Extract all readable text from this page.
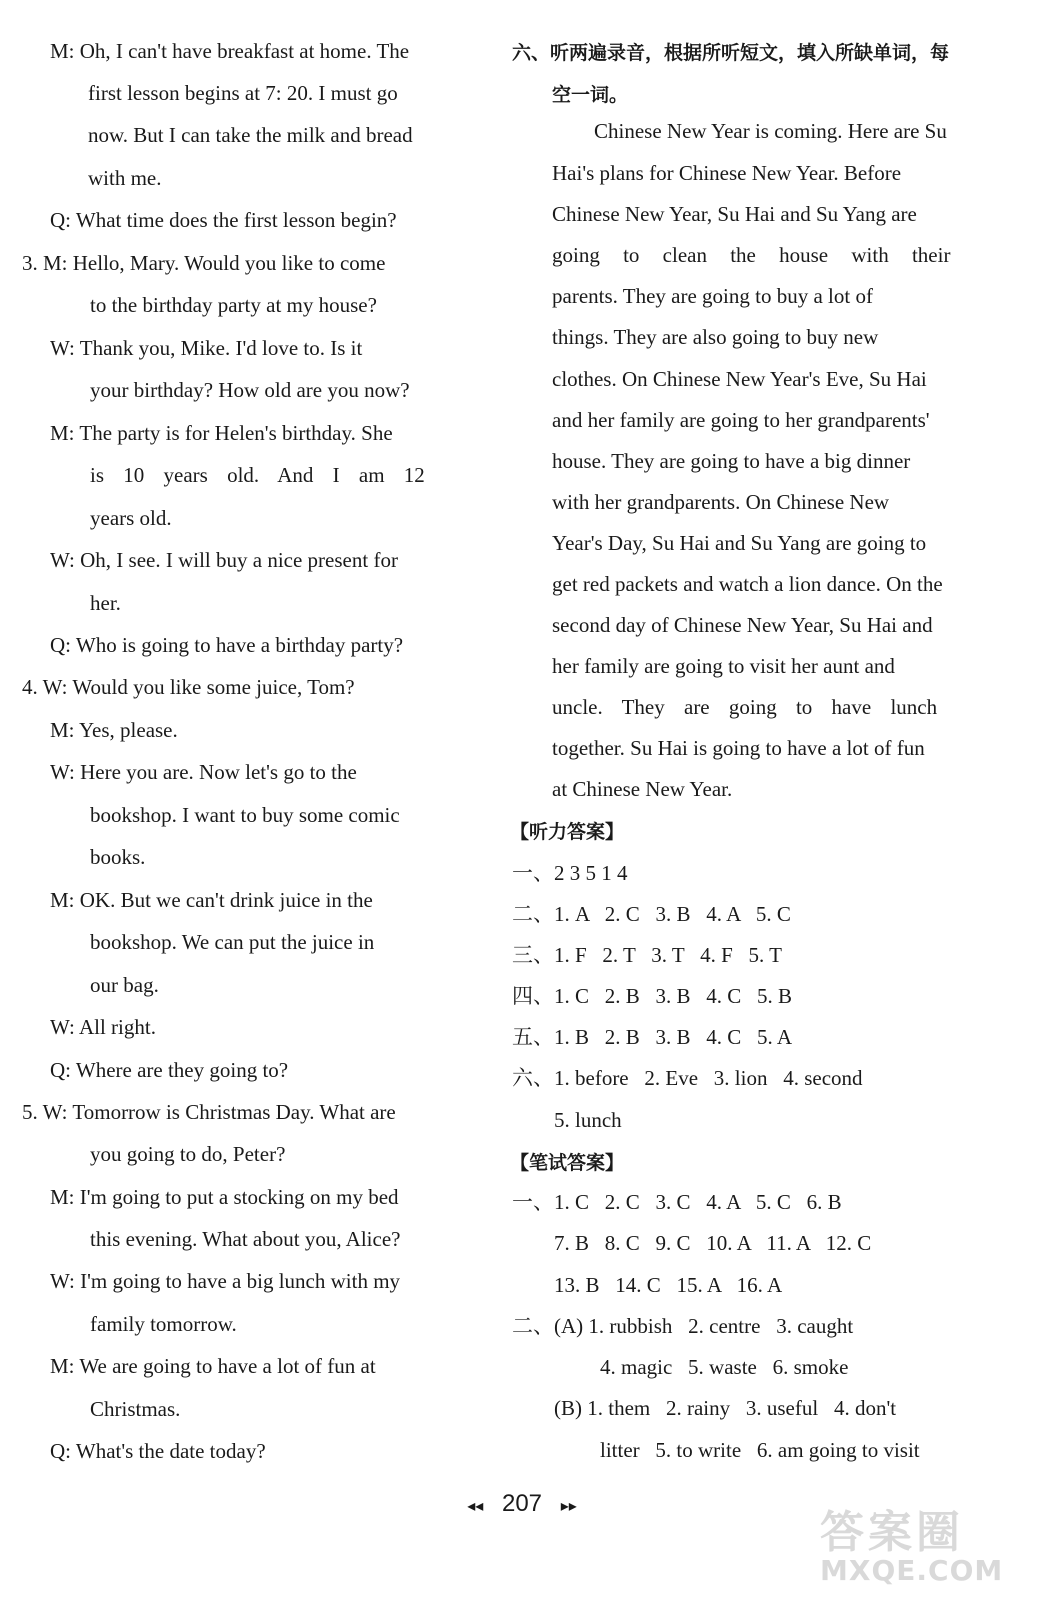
M: Oh, I can't have breakfast at home. The
first lesson begins at 7: 20. I must go
now. But I can take the milk and bread
with me.
Q: What time does the first lesson begin?
3. M: Hello, Mary. Would you like to come
to the birthday party at my house?
W: Thank you, Mike. I'd love to. Is it
your birthday? How old are you now?
M: The party is for Helen's birthday. She
is 10 years old. And I am 12
years old.
W: Oh, I see. I will buy a nice present for
her.
Q: Who is going to have a birthday party?
4. W: Would you like some juice, Tom?
M: Yes, please.
W: Here you are. Now let's go to the
bookshop. I want to buy some comic
books.
M: OK. But we can't drink juice in the
bookshop. We can put the juice in
our bag.
W: All right.
Q: Where are they going to?
5. W: Tomorrow is Christmas Day. What are
you going to do, Peter?
M: I'm going to put a stocking on my bed
this evening. What about you, Alice?
W: I'm going to have a big lunch with my
family tomorrow.
M: We are going to have a lot of fun at
Christmas.
Q: What's the date today?
六、听两遍录音，根据所听短文，填入所缺单词，每
空一词。
Chinese New Year is coming. Here are Su
Hai's plans for Chinese New Year. Before
Chinese New Year, Su Hai and Su Yang are
going to clean the house with their
parents. They are going to buy a lot of
things. They are also going to buy new
clothes. On Chinese New Year's Eve, Su Hai
and her family are going to her grandparents'
house. They are going to have a big dinner
with her grandparents. On Chinese New
Year's Day, Su Hai and Su Yang are going to
get red packets and watch a lion dance. On the
second day of Chinese New Year, Su Hai and
her family are going to visit her aunt and
uncle. They are going to have lunch
together. Su Hai is going to have a lot of fun
at Chinese New Year.
【听力答案】
一、2 3 5 1 4
二、1. A   2. C   3. B   4. A   5. C
三、1. F   2. T   3. T   4. F   5. T
四、1. C   2. B   3. B   4. C   5. B
五、1. B   2. B   3. B   4. C   5. A
六、1. before   2. Eve   3. lion   4. second
5. lunch
【笔试答案】
一、1. C   2. C   3. C   4. A   5. C   6. B
7. B   8. C   9. C   10. A   11. A   12. C
13. B   14. C   15. A   16. A
二、(A) 1. rubbish   2. centre   3. caught
4. magic   5. waste   6. smoke
(B) 1. them   2. rainy   3. useful   4. don't
litter   5. to write   6. am going to visit
◂◂ 207 ▸▸
答案圈
MXQE.COM
